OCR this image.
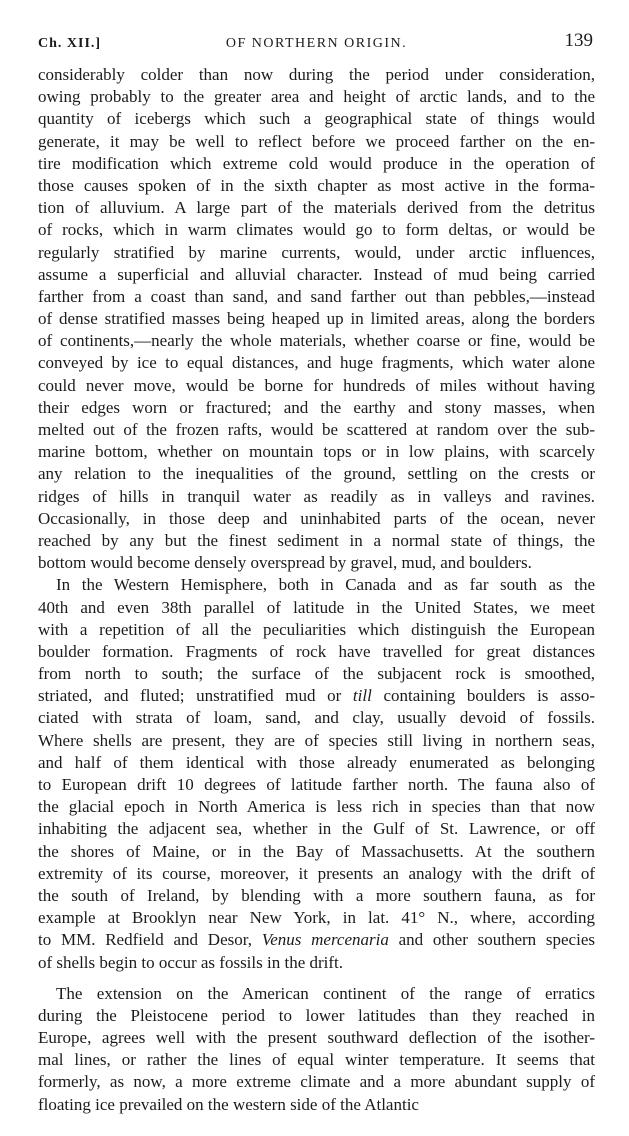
Ch. XII.]	OF NORTHERN ORIGIN.	139
considerably colder than now during the period under consideration,
owing probably to the greater area and height of arctic lands, and to the
quantity of icebergs which such a geographical state of things would
generate, it may be well to reflect before we proceed farther on the en-
tire modification which extreme cold would produce in the operation of
those causes spoken of in the sixth chapter as most active in the forma-
tion of alluvium. A large part of the materials derived from the detritus
of rocks, which in warm climates would go to form deltas, or would be
regularly stratified by marine currents, would, under arctic influences,
assume a superficial and alluvial character. Instead of mud being carried
farther from a coast than sand, and sand farther out than pebbles,—instead
of dense stratified masses being heaped up in limited areas, along the borders
of continents,—nearly the whole materials, whether coarse or fine, would be
conveyed by ice to equal distances, and huge fragments, which water alone
could never move, would be borne for hundreds of miles without having
their edges worn or fractured; and the earthy and stony masses, when
melted out of the frozen rafts, would be scattered at random over the sub-
marine bottom, whether on mountain tops or in low plains, with scarcely
any relation to the inequalities of the ground, settling on the crests or
ridges of hills in tranquil water as readily as in valleys and ravines.
Occasionally, in those deep and uninhabited parts of the ocean, never
reached by any but the finest sediment in a normal state of things, the
bottom would become densely overspread by gravel, mud, and boulders.
In the Western Hemisphere, both in Canada and as far south as the
40th and even 38th parallel of latitude in the United States, we meet
with a repetition of all the peculiarities which distinguish the European
boulder formation. Fragments of rock have travelled for great distances
from north to south; the surface of the subjacent rock is smoothed,
striated, and fluted; unstratified mud or till containing boulders is asso-
ciated with strata of loam, sand, and clay, usually devoid of fossils.
Where shells are present, they are of species still living in northern seas,
and half of them identical with those already enumerated as belonging
to European drift 10 degrees of latitude farther north. The fauna also of
the glacial epoch in North America is less rich in species than that now
inhabiting the adjacent sea, whether in the Gulf of St. Lawrence, or off
the shores of Maine, or in the Bay of Massachusetts. At the southern
extremity of its course, moreover, it presents an analogy with the drift of
the south of Ireland, by blending with a more southern fauna, as for
example at Brooklyn near New York, in lat. 41° N., where, according
to MM. Redfield and Desor, Venus mercenaria and other southern species
of shells begin to occur as fossils in the drift.
The extension on the American continent of the range of erratics
during the Pleistocene period to lower latitudes than they reached in
Europe, agrees well with the present southward deflection of the isother-
mal lines, or rather the lines of equal winter temperature. It seems that
formerly, as now, a more extreme climate and a more abundant supply of
floating ice prevailed on the western side of the Atlantic
